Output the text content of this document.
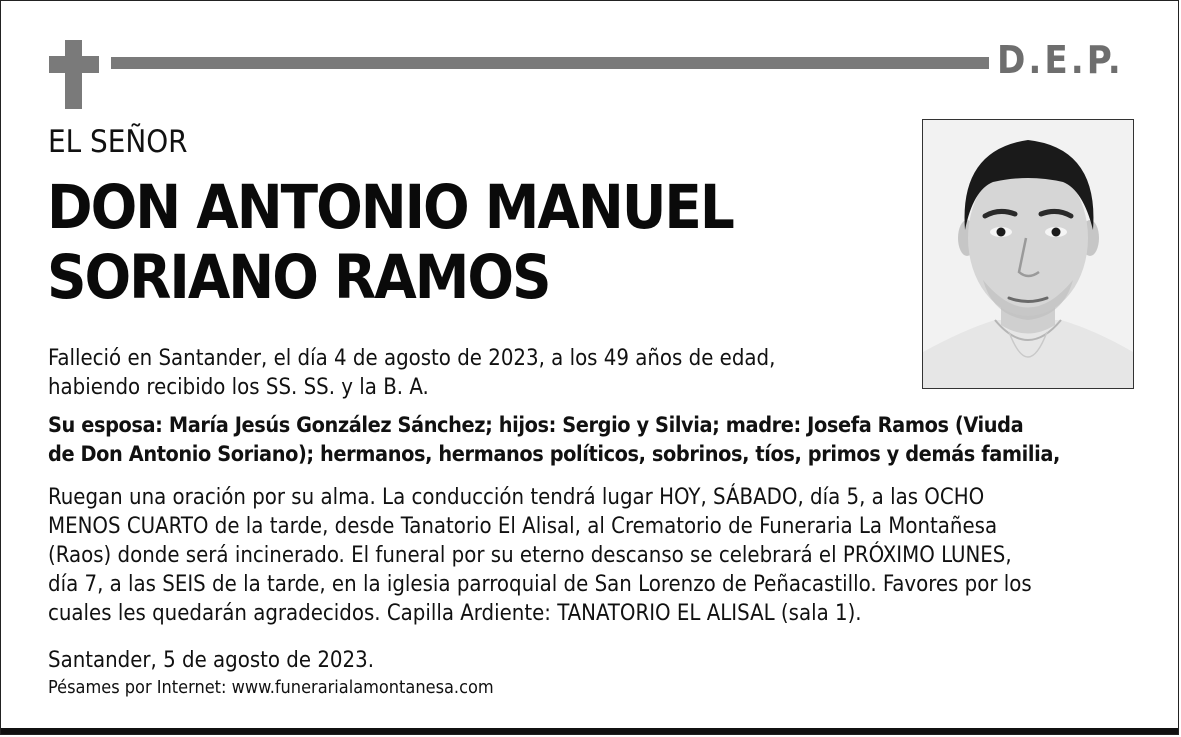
D.E.P.
EL SEÑOR
DON ANTONIO MANUEL
SORIANO RAMOS
Falleció en Santander, el día 4 de agosto de 2023, a los 49 años de edad,
habiendo recibido los SS. SS. y la B. A.
Su esposa: María Jesús González Sánchez; hijos: Sergio y Silvia; madre: Josefa Ramos (Viuda
de Don Antonio Soriano); hermanos, hermanos políticos, sobrinos, tíos, primos y demás familia,
Ruegan una oración por su alma. La conducción tendrá lugar HOY, SÁBADO, día 5, a las OCHO
MENOS CUARTO de la tarde, desde Tanatorio El Alisal, al Crematorio de Funeraria La Montañesa
(Raos) donde será incinerado. El funeral por su eterno descanso se celebrará el PRÓXIMO LUNES,
día 7, a las SEIS de la tarde, en la iglesia parroquial de San Lorenzo de Peñacastillo. Favores por los
cuales les quedarán agradecidos. Capilla Ardiente: TANATORIO EL ALISAL (sala 1).
Santander, 5 de agosto de 2023.
Pésames por Internet: www.funerarialamontanesa.com
